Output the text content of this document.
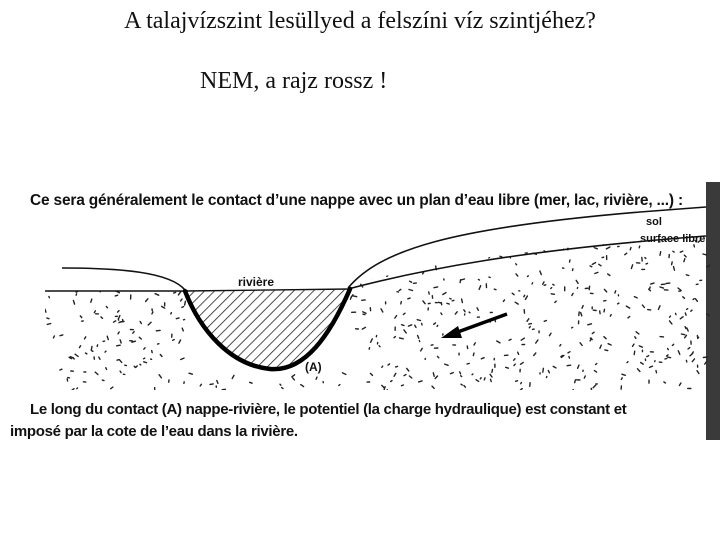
A talajvízszint lesüllyed a felszíni víz szintjéhez?
NEM, a rajz rossz !
Ce sera généralement le contact d’une nappe avec un plan d’eau libre (mer, lac, rivière, ...) :
sol
surface libre
rivière
(A)
Le long du contact (A) nappe-rivière, le potentiel (la charge hydraulique) est constant et
imposé par la cote de l’eau dans la rivière.
